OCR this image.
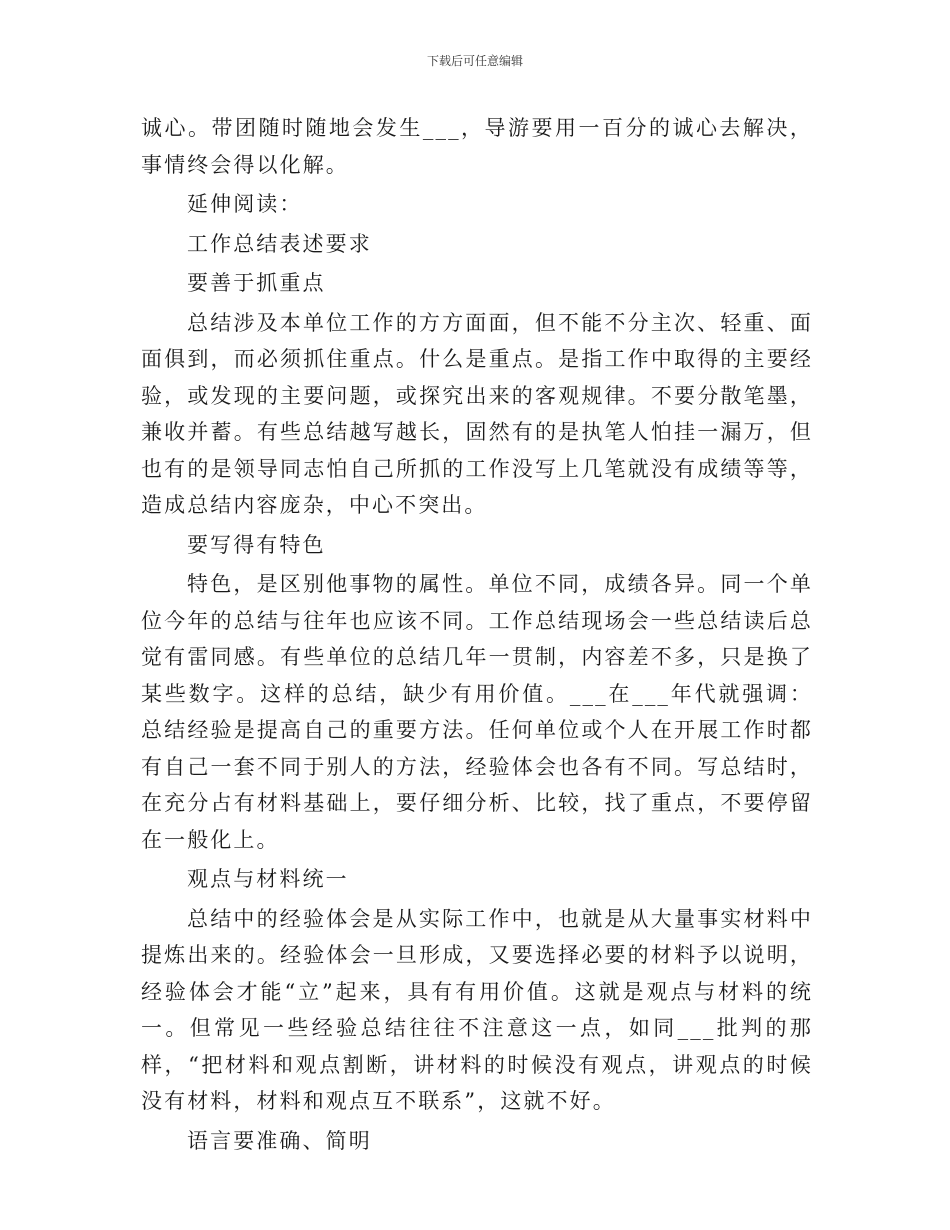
下载后可任意编辑

诚心。带团随时随地会发生___，导游要用一百分的诚心去解决，事情终会得以化解。

延伸阅读：

工作总结表述要求

要善于抓重点

总结涉及本单位工作的方方面面，但不能不分主次、轻重、面面俱到，而必须抓住重点。什么是重点。是指工作中取得的主要经验，或发现的主要问题，或探究出来的客观规律。不要分散笔墨，兼收并蓄。有些总结越写越长，固然有的是执笔人怕挂一漏万，但也有的是领导同志怕自己所抓的工作没写上几笔就没有成绩等等，造成总结内容庞杂，中心不突出。

要写得有特色

特色，是区别他事物的属性。单位不同，成绩各异。同一个单位今年的总结与往年也应该不同。工作总结现场会一些总结读后总觉有雷同感。有些单位的总结几年一贯制，内容差不多，只是换了某些数字。这样的总结，缺少有用价值。___在___年代就强调：总结经验是提高自己的重要方法。任何单位或个人在开展工作时都有自己一套不同于别人的方法，经验体会也各有不同。写总结时，在充分占有材料基础上，要仔细分析、比较，找了重点，不要停留在一般化上。

观点与材料统一

总结中的经验体会是从实际工作中，也就是从大量事实材料中提炼出来的。经验体会一旦形成，又要选择必要的材料予以说明，经验体会才能“立”起来，具有有用价值。这就是观点与材料的统一。但常见一些经验总结往往不注意这一点，如同___批判的那样，“把材料和观点割断，讲材料的时候没有观点，讲观点的时候没有材料，材料和观点互不联系”，这就不好。

语言要准确、简明
